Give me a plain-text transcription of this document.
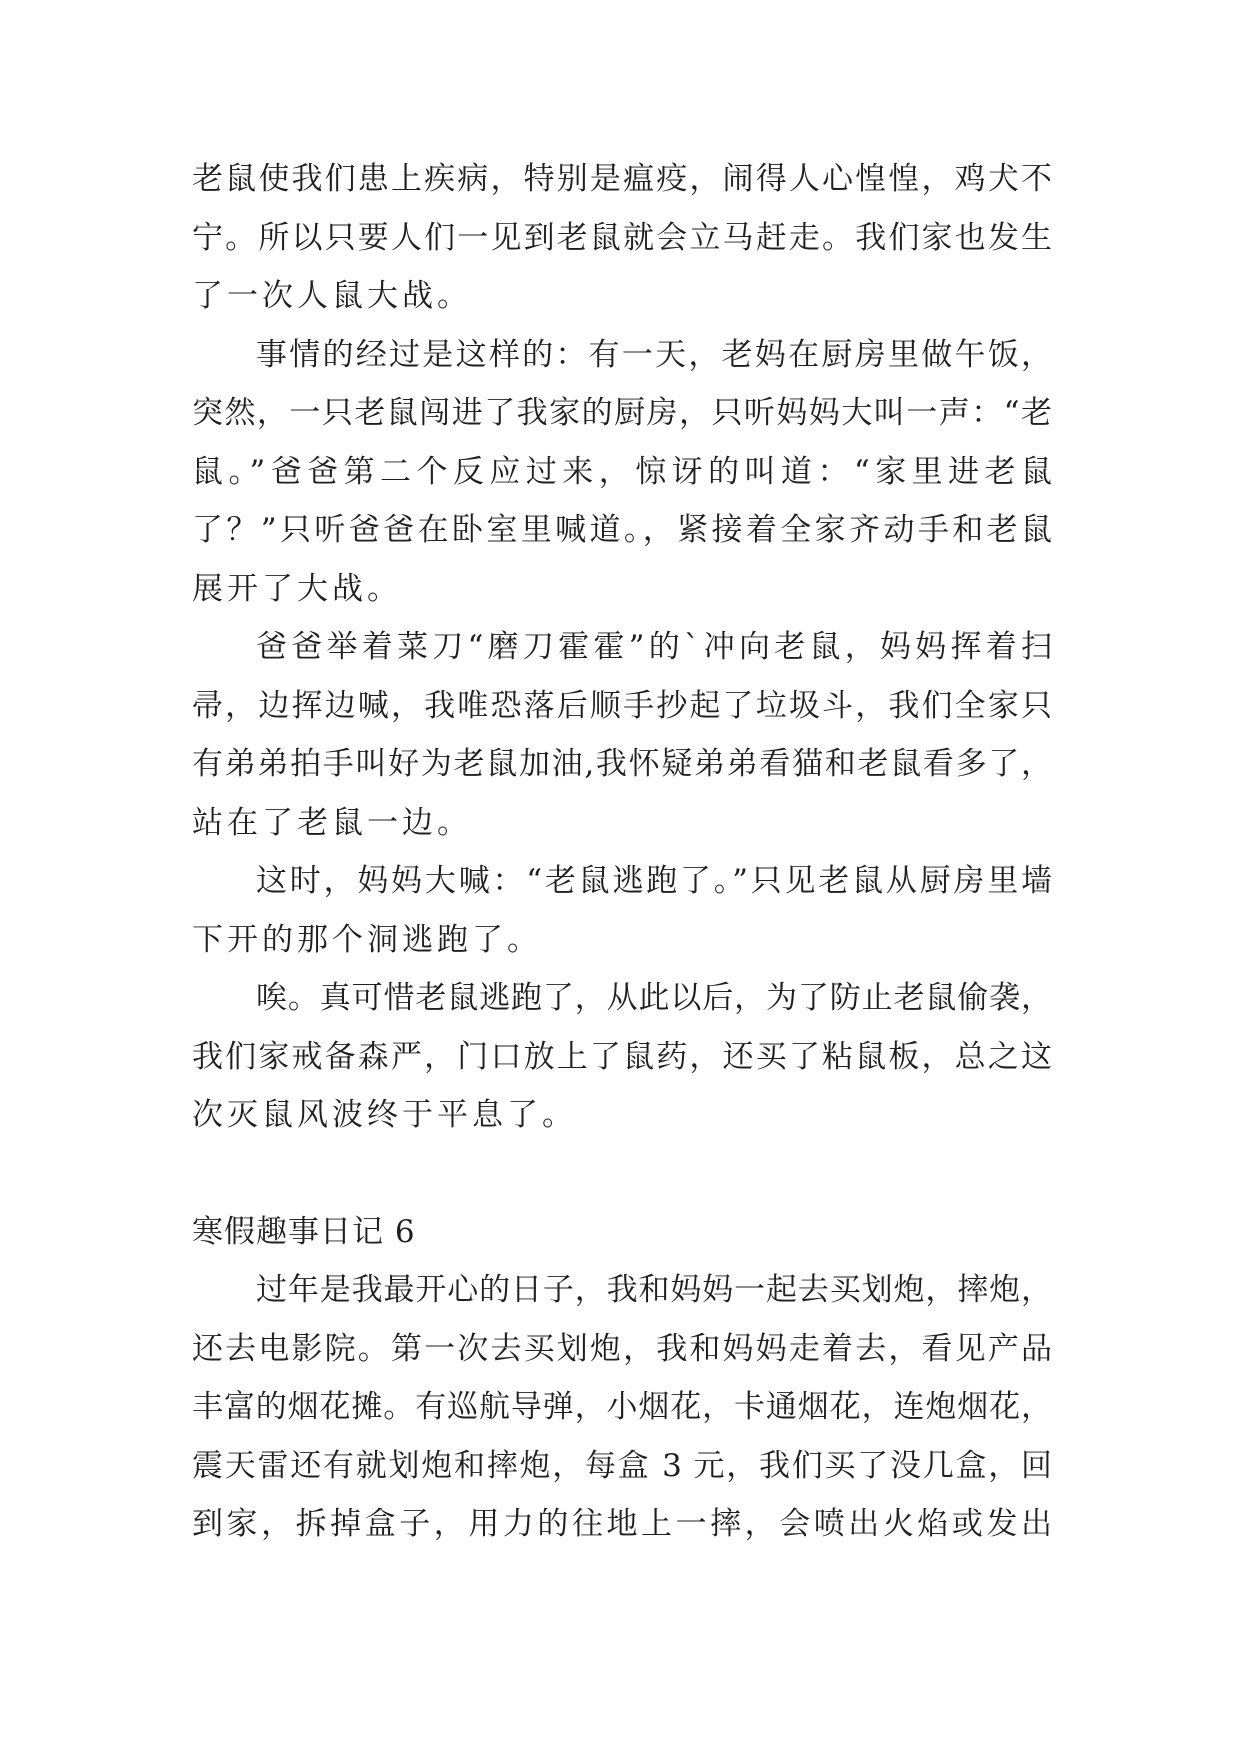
老鼠使我们患上疾病，特别是瘟疫，闹得人心惶惶，鸡犬不
宁。所以只要人们一见到老鼠就会立马赶走。我们家也发生
了一次人鼠大战。
事情的经过是这样的：有一天，老妈在厨房里做午饭，
突然，一只老鼠闯进了我家的厨房，只听妈妈大叫一声：“老
鼠。”爸爸第二个反应过来，惊讶的叫道：“家里进老鼠
了？”只听爸爸在卧室里喊道。，紧接着全家齐动手和老鼠
展开了大战。
爸爸举着菜刀“磨刀霍霍”的`冲向老鼠，妈妈挥着扫
帚，边挥边喊，我唯恐落后顺手抄起了垃圾斗，我们全家只
有弟弟拍手叫好为老鼠加油,我怀疑弟弟看猫和老鼠看多了，
站在了老鼠一边。
这时，妈妈大喊：“老鼠逃跑了。”只见老鼠从厨房里墙
下开的那个洞逃跑了。
唉。真可惜老鼠逃跑了，从此以后，为了防止老鼠偷袭，
我们家戒备森严，门口放上了鼠药，还买了粘鼠板，总之这
次灭鼠风波终于平息了。
寒假趣事日记 6
过年是我最开心的日子，我和妈妈一起去买划炮，摔炮，
还去电影院。第一次去买划炮，我和妈妈走着去，看见产品
丰富的烟花摊。有巡航导弹，小烟花，卡通烟花，连炮烟花，
震天雷还有就划炮和摔炮，每盒 3 元，我们买了没几盒，回
到家，拆掉盒子，用力的往地上一摔，会喷出火焰或发出
